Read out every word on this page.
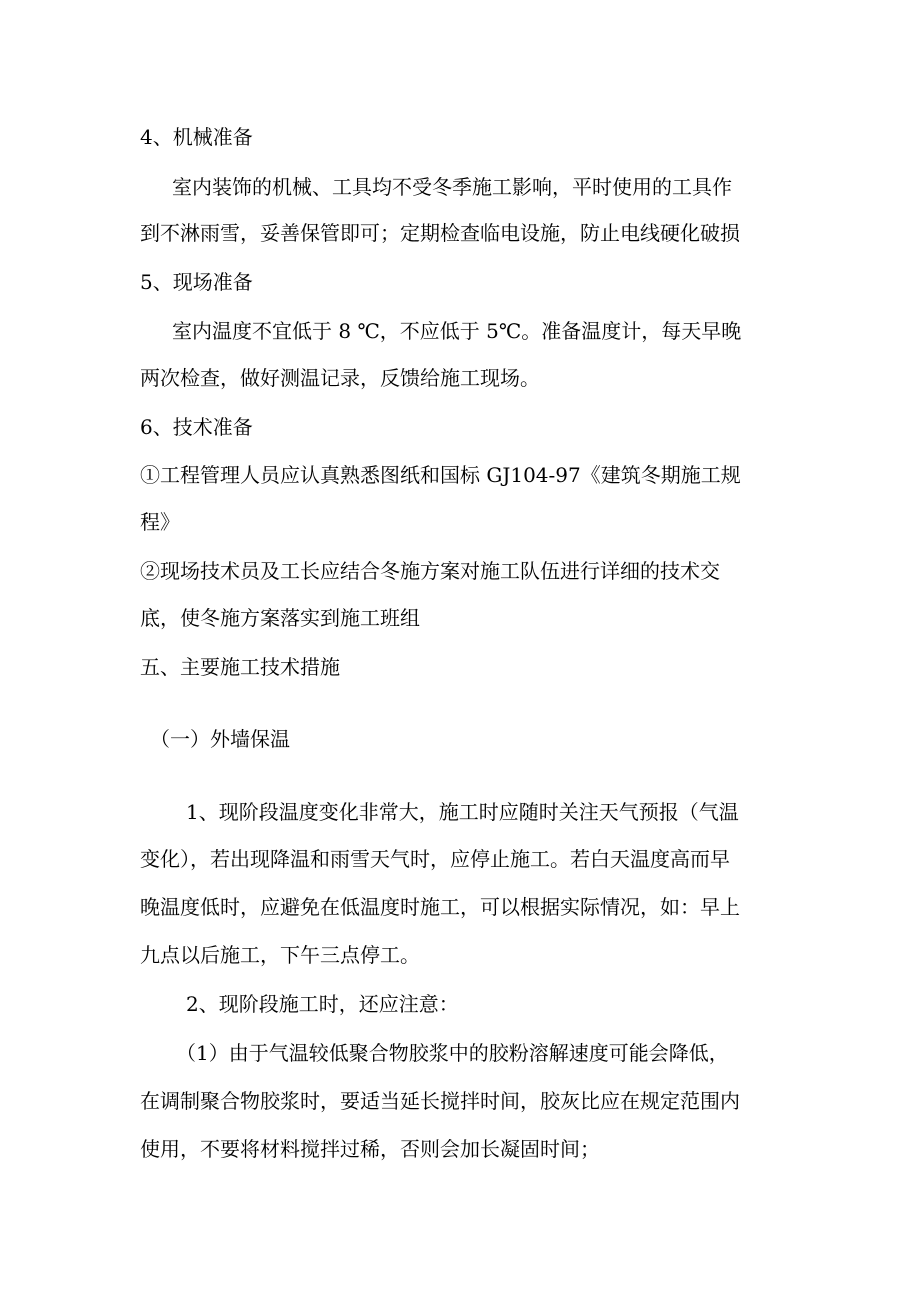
4、机械准备
室内装饰的机械、工具均不受冬季施工影响，平时使用的工具作
到不淋雨雪，妥善保管即可；定期检查临电设施，防止电线硬化破损
5、现场准备
室内温度不宜低于 8 ℃，不应低于 5℃。准备温度计，每天早晚
两次检查，做好测温记录，反馈给施工现场。
6、技术准备
①工程管理人员应认真熟悉图纸和国标 GJ104-97《建筑冬期施工规
程》
②现场技术员及工长应结合冬施方案对施工队伍进行详细的技术交
底，使冬施方案落实到施工班组
五、主要施工技术措施
（一）外墙保温
1、现阶段温度变化非常大，施工时应随时关注天气预报（气温
变化），若出现降温和雨雪天气时，应停止施工。若白天温度高而早
晚温度低时，应避免在低温度时施工，可以根据实际情况，如：早上
九点以后施工，下午三点停工。
2、现阶段施工时，还应注意：
（1）由于气温较低聚合物胶浆中的胶粉溶解速度可能会降低，
在调制聚合物胶浆时，要适当延长搅拌时间，胶灰比应在规定范围内
使用，不要将材料搅拌过稀，否则会加长凝固时间；
